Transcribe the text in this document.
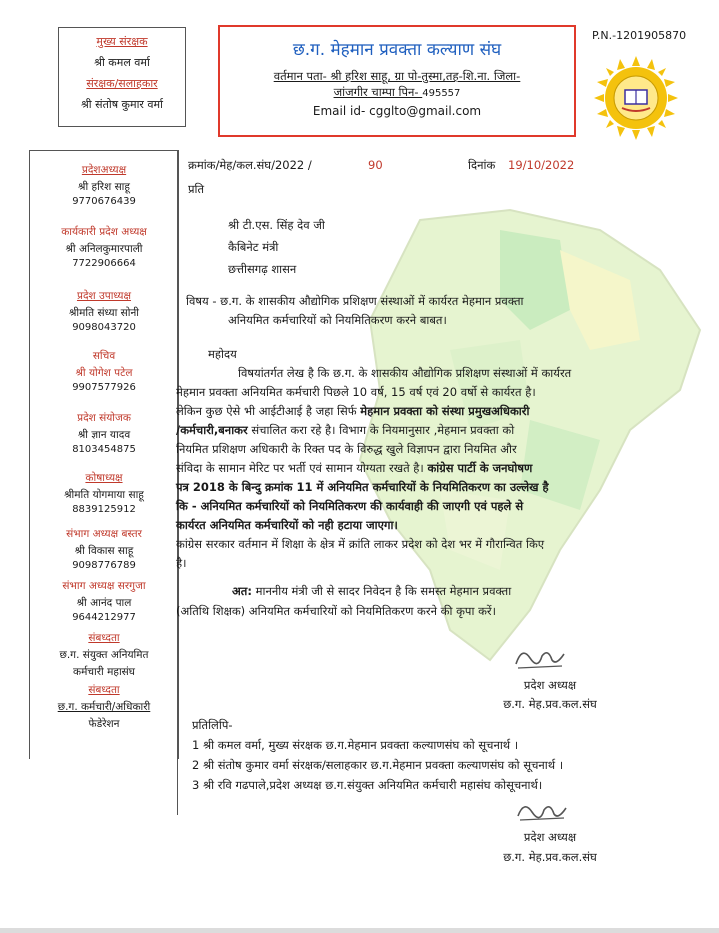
मुख्य संरक्षक
श्री कमल वर्मा
संरक्षक/सलाहकार
श्री संतोष कुमार वर्मा
छ.ग. मेहमान प्रवक्ता कल्याण संघ
वर्तमान पता- श्री हरिश साहू, ग्रा पो-तुस्मा,तह-शि.ना. जिला-
जांजगीर चाम्पा पिन- 495557
Email id- cgglto@gmail.com
P.N.-1201905870
प्रदेशअध्यक्ष
श्री हरिश साहू
9770676439
कार्यकारी प्रदेश अध्यक्ष
श्री अनिलकुमारपाली
7722906664
प्रदेश उपाध्यक्ष
श्रीमति संध्या सोनी
9098043720
सचिव
श्री योगेश पटेल
9907577926
प्रदेश संयोजक
श्री ज्ञान यादव
8103454875
कोषाध्यक्ष
श्रीमति योगमाया साहू
8839125912
संभाग अध्यक्ष बस्तर
श्री विकास साहू
9098776789
संभाग अध्यक्ष सरगुजा
श्री आनंद पाल
9644212977
संबध्दता
छ.ग. संयुक्त अनियमित
कर्मचारी महासंघ
संबध्दता
छ.ग. कर्मचारी/अधिकारी
फेडेरेशन
क्रमांक/मेह/कल.संघ/2022 /	90	दिनांक 19/10/2022
प्रति
श्री टी.एस. सिंह देव जी
कैबिनेट मंत्री
छत्तीसगढ़ शासन
विषय - छ.ग. के शासकीय औद्योगिक प्रशिक्षण संस्थाओं में कार्यरत मेहमान प्रवक्ता
अनियमित कर्मचारियों को नियमितिकरण करने बाबत।
महोदय
विषयांतर्गत लेख है कि छ.ग. के शासकीय औद्योगिक प्रशिक्षण संस्थाओं में कार्यरत
मेहमान प्रवक्ता अनियमित कर्मचारी पिछले 10 वर्ष, 15 वर्ष एवं 20 वर्षो से कार्यरत है।
लेकिन कुछ ऐसे भी आईटीआई है जहा सिर्फ मेहमान प्रवक्ता को संस्था प्रमुखअधिकारी
/कर्मचारी,बनाकर संचालित करा रहे है। विभाग के नियमानुसार ,मेहमान प्रवक्ता को
नियमित प्रशिक्षण अधिकारी के रिक्त पद के विरुद्ध खुले विज्ञापन द्वारा नियमित और
संविदा के सामान मेरिट पर भर्ती एवं सामान योग्यता रखते है। कांग्रेस पार्टी के जनघोषण
पत्र 2018 के बिन्दु क्रमांक 11 में अनियमित कर्मचारियों के नियमितिकरण का उल्लेख है
कि - अनियमित कर्मचारियों को नियमितिकरण की कार्यवाही की जाएगी एवं पहले से
कार्यरत अनियमित कर्मचारियों को नही हटाया जाएगा।
कांग्रेस सरकार वर्तमान में शिक्षा के क्षेत्र में क्रांति लाकर प्रदेश को देश भर में गौरान्वित किए
है।
अत: माननीय मंत्री जी से सादर निवेदन है कि समस्त मेहमान प्रवक्ता
(अतिथि शिक्षक) अनियमित कर्मचारियों को नियमितिकरण करने की कृपा करें।
प्रदेश अध्यक्ष
छ.ग. मेह.प्रव.कल.संघ
प्रतिलिपि-
1 श्री कमल वर्मा, मुख्य संरक्षक छ.ग.मेहमान प्रवक्ता कल्याणसंघ को सूचनार्थ ।
2 श्री संतोष कुमार वर्मा संरक्षक/सलाहकार छ.ग.मेहमान प्रवक्ता कल्याणसंघ को सूचनार्थ ।
3 श्री रवि गढपाले,प्रदेश अध्यक्ष छ.ग.संयुक्त अनियमित कर्मचारी महासंघ कोसूचनार्थ।
प्रदेश अध्यक्ष
छ.ग. मेह.प्रव.कल.संघ
